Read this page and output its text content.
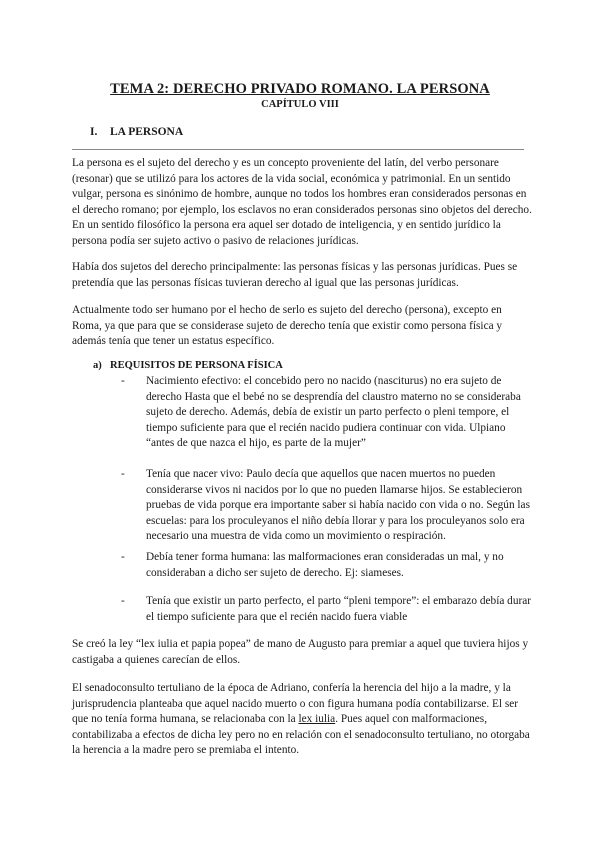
TEMA 2: DERECHO PRIVADO ROMANO. LA PERSONA
CAPÍTULO VIII
I. LA PERSONA
La persona es el sujeto del derecho y es un concepto proveniente del latín, del verbo personare (resonar) que se utilizó para los actores de la vida social, económica y patrimonial. En un sentido vulgar, persona es sinónimo de hombre, aunque no todos los hombres eran considerados personas en el derecho romano; por ejemplo, los esclavos no eran considerados personas sino objetos del derecho. En un sentido filosófico la persona era aquel ser dotado de inteligencia, y en sentido jurídico la persona podía ser sujeto activo o pasivo de relaciones jurídicas.
Había dos sujetos del derecho principalmente: las personas físicas y las personas jurídicas. Pues se pretendía que las personas físicas tuvieran derecho al igual que las personas jurídicas.
Actualmente todo ser humano por el hecho de serlo es sujeto del derecho (persona), excepto en Roma, ya que para que se considerase sujeto de derecho tenía que existir como persona física y además tenía que tener un estatus específico.
a) REQUISITOS DE PERSONA FÍSICA
- Nacimiento efectivo: el concebido pero no nacido (nasciturus) no era sujeto de derecho Hasta que el bebé no se desprendía del claustro materno no se consideraba sujeto de derecho. Además, debía de existir un parto perfecto o pleni tempore, el tiempo suficiente para que el recién nacido pudiera continuar con vida. Ulpiano “antes de que nazca el hijo, es parte de la mujer”
- Tenía que nacer vivo: Paulo decía que aquellos que nacen muertos no pueden considerarse vivos ni nacidos por lo que no pueden llamarse hijos. Se establecieron pruebas de vida porque era importante saber si había nacido con vida o no. Según las escuelas: para los proculeyanos el niño debía llorar y para los proculeyanos solo era necesario una muestra de vida como un movimiento o respiración.
- Debía tener forma humana: las malformaciones eran consideradas un mal, y no consideraban a dicho ser sujeto de derecho. Ej: siameses.
- Tenía que existir un parto perfecto, el parto “pleni tempore”: el embarazo debía durar el tiempo suficiente para que el recién nacido fuera viable
Se creó la ley “lex iulia et papia popea” de mano de Augusto para premiar a aquel que tuviera hijos y castigaba a quienes carecían de ellos.
El senadoconsulto tertuliano de la época de Adriano, confería la herencia del hijo a la madre, y la jurisprudencia planteaba que aquel nacido muerto o con figura humana podía contabilizarse. El ser que no tenía forma humana, se relacionaba con la lex iulia. Pues aquel con malformaciones, contabilizaba a efectos de dicha ley pero no en relación con el senadoconsulto tertuliano, no otorgaba la herencia a la madre pero se premiaba el intento.
